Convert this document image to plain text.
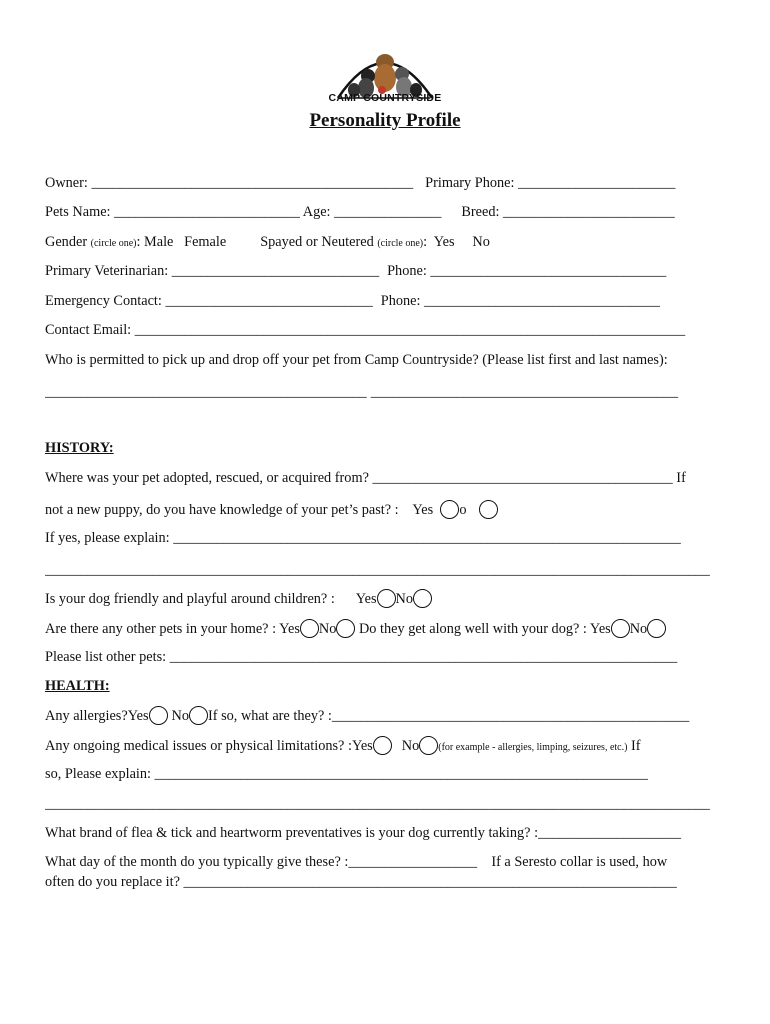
CAMP COUNTRYSIDE
Personality Profile
Owner: _____________________________________________ Primary Phone: ______________________
Pets Name: __________________________ Age: _______________ Breed: ________________________
Gender (circle one): Male   Female Spayed or Neutered (circle one):  Yes     No
Primary Veterinarian: _____________________________ Phone: _________________________________
Emergency Contact: _____________________________ Phone: _________________________________
Contact Email: _____________________________________________________________________________
Who is permitted to pick up and drop off your pet from Camp Countryside? (Please list first and last names):
_____________________________________________ ___________________________________________
HISTORY:
Where was your pet adopted, rescued, or acquired from? __________________________________________ If
not a new puppy, do you have knowledge of your pet’s past? :    Yes  o
If yes, please explain: _______________________________________________________________________
_____________________________________________________________________________________________
Is your dog friendly and playful around children? :      Yes No
Are there any other pets in your home? : Yes No Do they get along well with your dog? : Yes No
Please list other pets: _______________________________________________________________________
HEALTH:
Any allergies?Yes No If so, what are they? :__________________________________________________
Any ongoing medical issues or physical limitations? :Yes No (for example - allergies, limping, seizures, etc.) If
so, Please explain: _____________________________________________________________________
_____________________________________________________________________________________________
What brand of flea & tick and heartworm preventatives is your dog currently taking? :____________________
What day of the month do you typically give these? :__________________    If a Seresto collar is used, how
often do you replace it? _____________________________________________________________________
